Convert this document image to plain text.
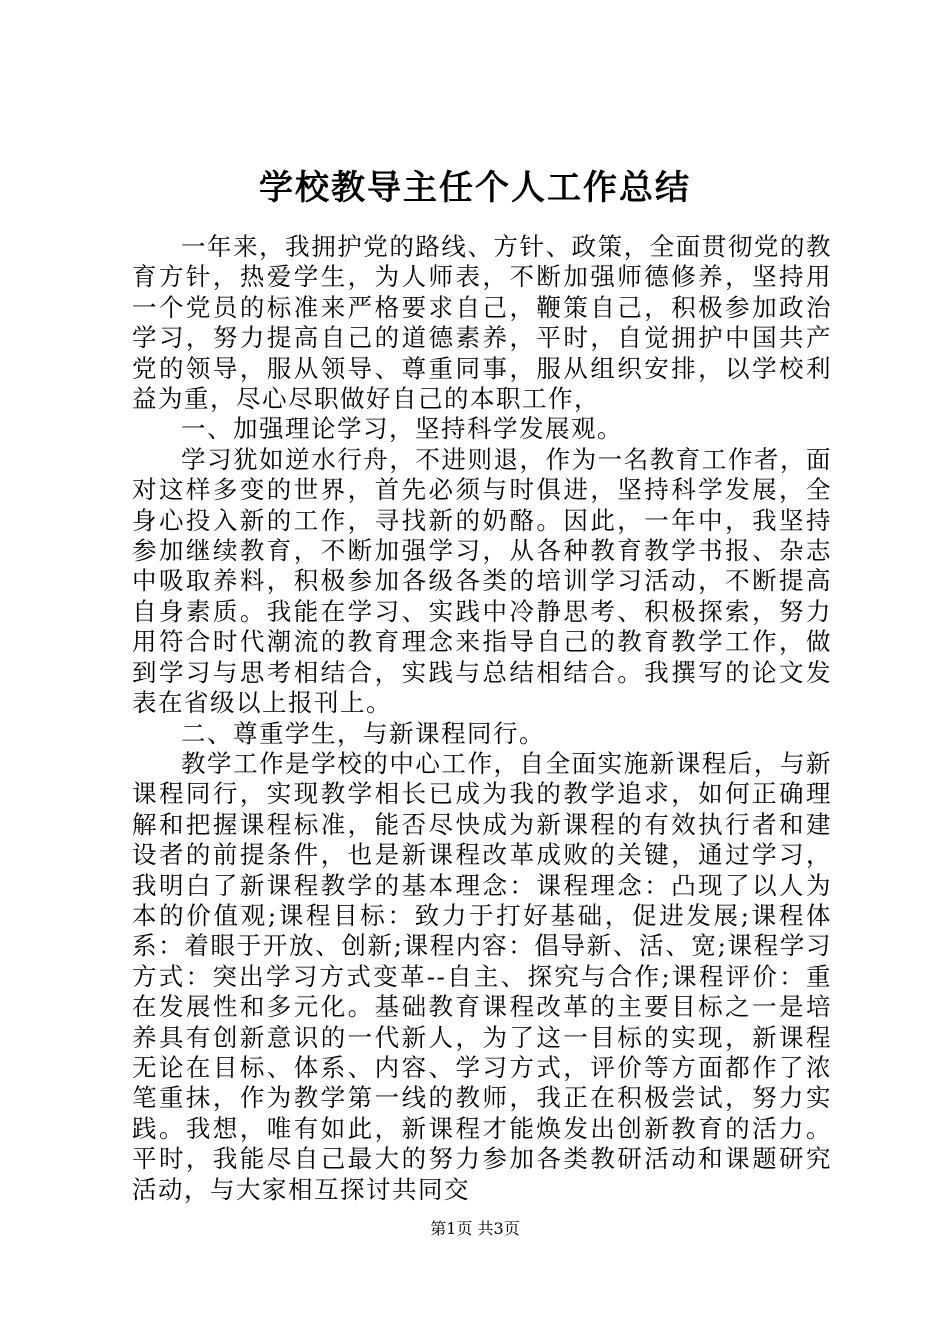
学校教导主任个人工作总结

一年来，我拥护党的路线、方针、政策，全面贯彻党的教育方针，热爱学生，为人师表，不断加强师德修养，坚持用一个党员的标准来严格要求自己，鞭策自己，积极参加政治学习，努力提高自己的道德素养，平时，自觉拥护中国共产党的领导，服从领导、尊重同事，服从组织安排，以学校利益为重，尽心尽职做好自己的本职工作，

一、加强理论学习，坚持科学发展观。

学习犹如逆水行舟，不进则退，作为一名教育工作者，面对这样多变的世界，首先必须与时俱进，坚持科学发展，全身心投入新的工作，寻找新的奶酪。因此，一年中，我坚持参加继续教育，不断加强学习，从各种教育教学书报、杂志中吸取养料，积极参加各级各类的培训学习活动，不断提高自身素质。我能在学习、实践中冷静思考、积极探索，努力用符合时代潮流的教育理念来指导自己的教育教学工作，做到学习与思考相结合，实践与总结相结合。我撰写的论文发表在省级以上报刊上。

二、尊重学生，与新课程同行。

教学工作是学校的中心工作，自全面实施新课程后，与新课程同行，实现教学相长已成为我的教学追求，如何正确理解和把握课程标准，能否尽快成为新课程的有效执行者和建设者的前提条件，也是新课程改革成败的关键，通过学习，我明白了新课程教学的基本理念：课程理念：凸现了以人为本的价值观;课程目标：致力于打好基础，促进发展;课程体系：着眼于开放、创新;课程内容：倡导新、活、宽;课程学习方式：突出学习方式变革--自主、探究与合作;课程评价：重在发展性和多元化。基础教育课程改革的主要目标之一是培养具有创新意识的一代新人，为了这一目标的实现，新课程无论在目标、体系、内容、学习方式，评价等方面都作了浓笔重抹，作为教学第一线的教师，我正在积极尝试，努力实践。我想，唯有如此，新课程才能焕发出创新教育的活力。平时，我能尽自己最大的努力参加各类教研活动和课题研究活动，与大家相互探讨共同交

第1页 共3页
